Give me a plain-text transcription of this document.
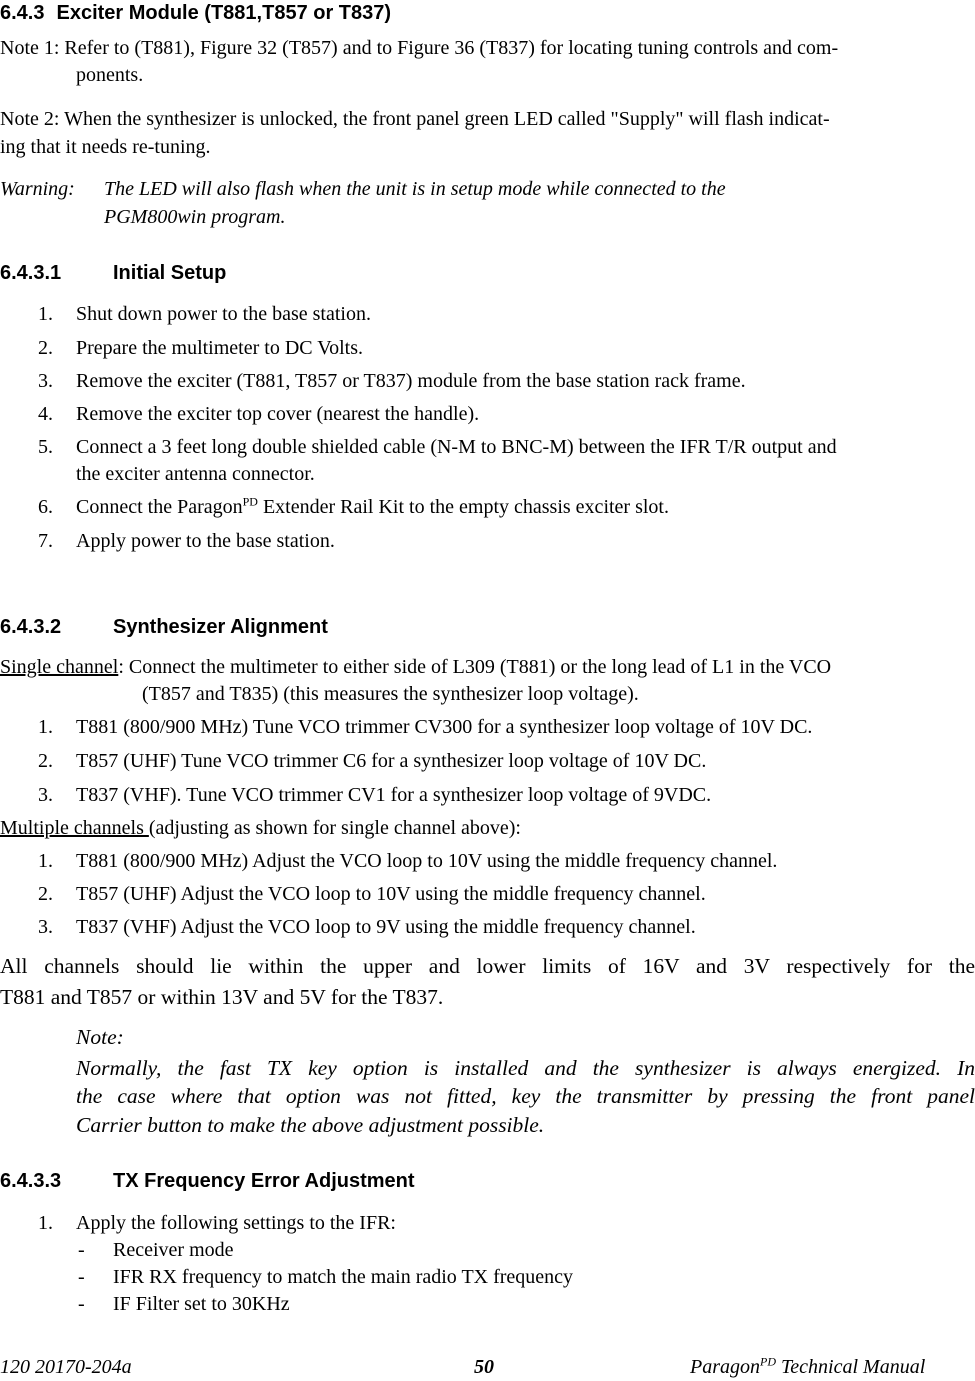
6.4.3 Exciter Module (T881,T857 or T837)
Note 1: Refer to (T881), Figure 32 (T857) and to Figure 36 (T837) for locating tuning controls and com-
ponents.
Note 2: When the synthesizer is unlocked, the front panel green LED called "Supply" will flash indicat-
ing that it needs re-tuning.
Warning: The LED will also flash when the unit is in setup mode while connected to the
PGM800win program.
6.4.3.1	Initial Setup
1. Shut down power to the base station.
2. Prepare the multimeter to DC Volts.
3. Remove the exciter (T881, T857 or T837) module from the base station rack frame.
4. Remove the exciter top cover (nearest the handle).
5. Connect a 3 feet long double shielded cable (N-M to BNC-M) between the IFR T/R output and
the exciter antenna connector.
6. Connect the Paragon$^{PD}$ Extender Rail Kit to the empty chassis exciter slot.
7. Apply power to the base station.
6.4.3.2	Synthesizer Alignment
Single channel: Connect the multimeter to either side of L309 (T881) or the long lead of L1 in the VCO
(T857 and T835) (this measures the synthesizer loop voltage).
1. T881 (800/900 MHz) Tune VCO trimmer CV300 for a synthesizer loop voltage of 10V DC.
2. T857 (UHF) Tune VCO trimmer C6 for a synthesizer loop voltage of 10V DC.
3. T837 (VHF). Tune VCO trimmer CV1 for a synthesizer loop voltage of 9VDC.
Multiple channels (adjusting as shown for single channel above):
1. T881 (800/900 MHz) Adjust the VCO loop to 10V using the middle frequency channel.
2. T857 (UHF) Adjust the VCO loop to 10V using the middle frequency channel.
3. T837 (VHF) Adjust the VCO loop to 9V using the middle frequency channel.
All channels should lie within the upper and lower limits of 16V and 3V respectively for the
T881 and T857 or within 13V and 5V for the T837.
Note:
Normally, the fast TX key option is installed and the synthesizer is always energized. In
the case where that option was not fitted, key the transmitter by pressing the front panel
Carrier button to make the above adjustment possible.
6.4.3.3	TX Frequency Error Adjustment
1. Apply the following settings to the IFR:
- Receiver mode
- IFR RX frequency to match the main radio TX frequency
- IF Filter set to 30KHz
120 20170-204a	50	Paragon$^{PD}$ Technical Manual
